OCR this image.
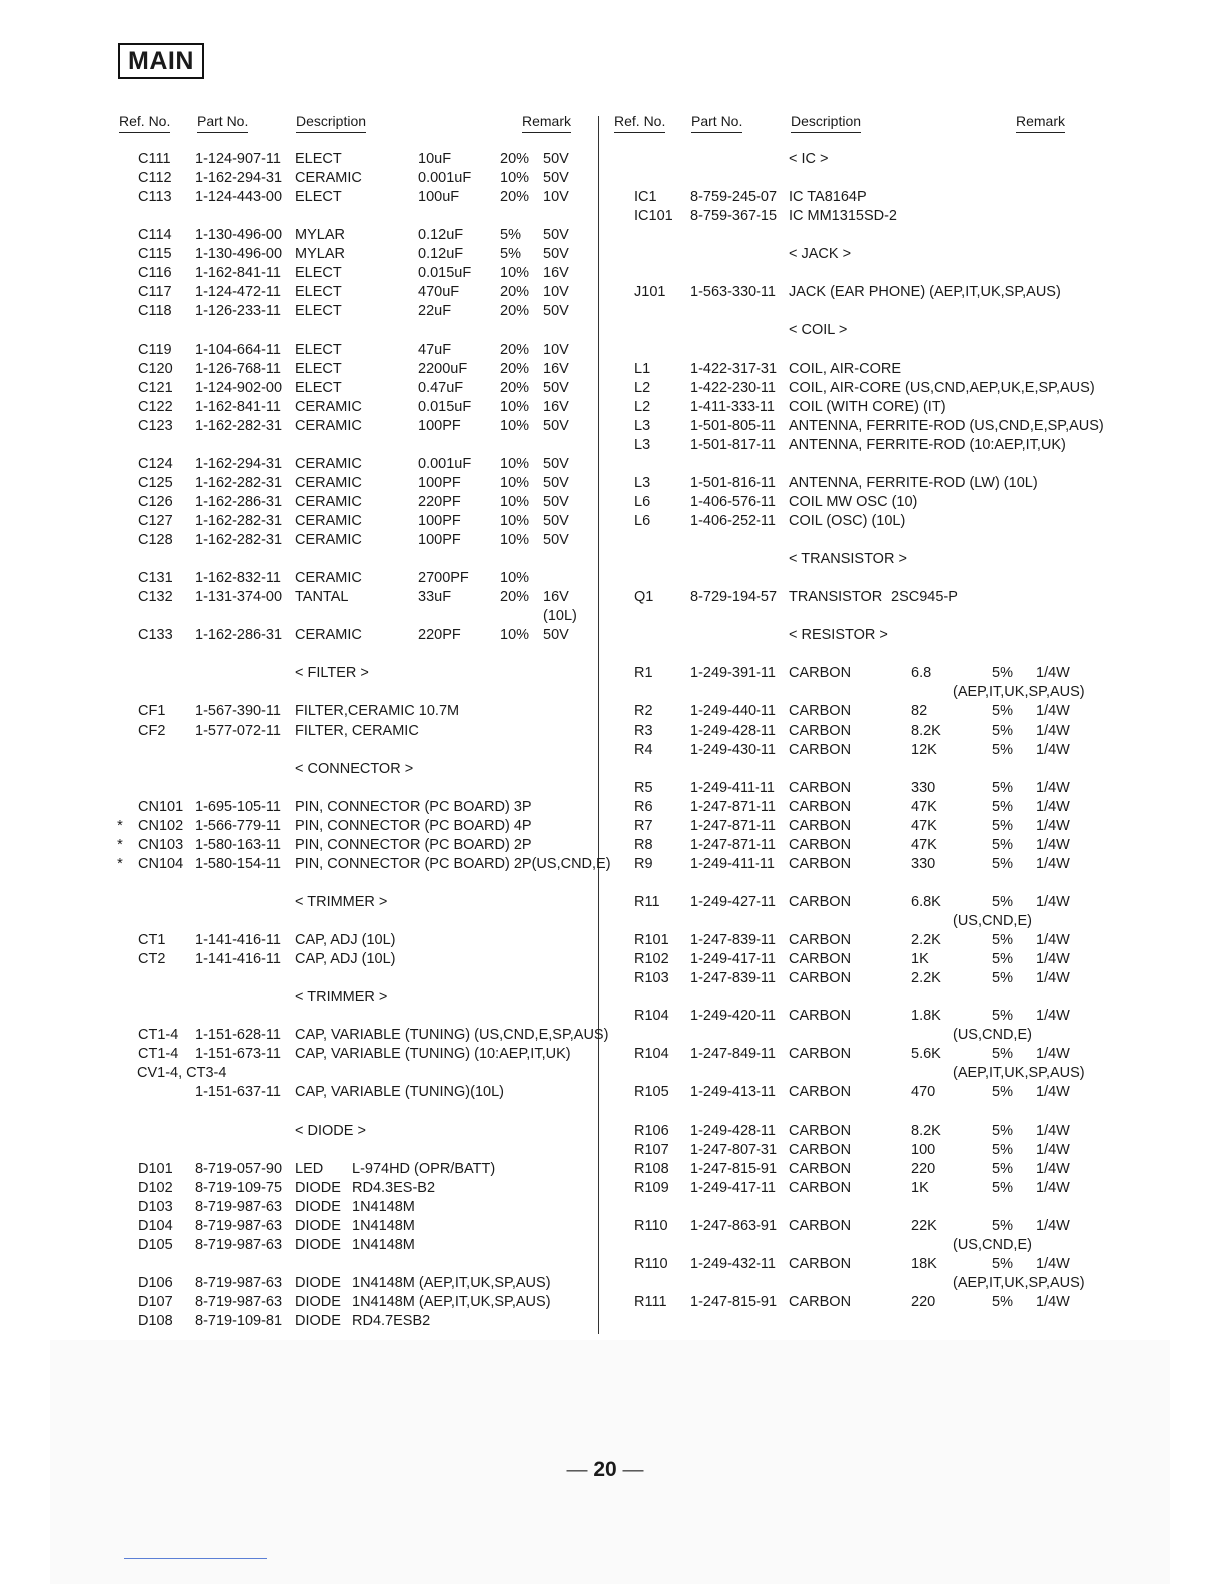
MAIN
Ref. No. Part No.	Description	Remark	Ref. No. Part No.	Description	Remark
C111 1-124-907-11 ELECT	10uF	20% 50V
C112 1-162-294-31 CERAMIC	0.001uF 10% 50V
C113 1-124-443-00 ELECT	100uF	20% 10V
C114 1-130-496-00 MYLAR	0.12uF	5% 50V
C115 1-130-496-00 MYLAR	0.12uF	5% 50V
C116 1-162-841-11 ELECT	0.015uF 10% 16V
C117 1-124-472-11 ELECT	470uF	20% 10V
C118 1-126-233-11 ELECT	22uF	20% 50V
C119 1-104-664-11 ELECT	47uF	20% 10V
C120 1-126-768-11 ELECT	2200uF 20% 16V
C121 1-124-902-00 ELECT	0.47uF	20% 50V
C122 1-162-841-11 CERAMIC	0.015uF 10% 16V
C123 1-162-282-31 CERAMIC	100PF	10% 50V
C124 1-162-294-31 CERAMIC	0.001uF 10% 50V
C125 1-162-282-31 CERAMIC	100PF	10% 50V
C126 1-162-286-31 CERAMIC	220PF	10% 50V
C127 1-162-282-31 CERAMIC	100PF	10% 50V
C128 1-162-282-31 CERAMIC	100PF	10% 50V
C131 1-162-832-11 CERAMIC	2700PF 10%
C132 1-131-374-00 TANTAL	33uF	20% 16V
(10L)
C133 1-162-286-31 CERAMIC	220PF	10% 50V
< FILTER >
CF1 1-567-390-11 FILTER,CERAMIC 10.7M
CF2 1-577-072-11 FILTER, CERAMIC
< CONNECTOR >
CN101 1-695-105-11 PIN, CONNECTOR (PC BOARD) 3P
*	CN102 1-566-779-11 PIN, CONNECTOR (PC BOARD) 4P
*	CN103 1-580-163-11 PIN, CONNECTOR (PC BOARD) 2P
*	CN104 1-580-154-11 PIN, CONNECTOR (PC BOARD) 2P(US,CND,E)
< TRIMMER >
CT1 1-141-416-11 CAP, ADJ (10L)
CT2 1-141-416-11 CAP, ADJ (10L)
< TRIMMER >
CT1-4 1-151-628-11 CAP, VARIABLE (TUNING) (US,CND,E,SP,AUS)
CT1-4 1-151-673-11 CAP, VARIABLE (TUNING) (10:AEP,IT,UK)
CV1-4, CT3-4
1-151-637-11 CAP, VARIABLE (TUNING)(10L)
< DIODE >
D101 8-719-057-90 LED L-974HD (OPR/BATT)
D102 8-719-109-75 DIODE RD4.3ES-B2
D103 8-719-987-63 DIODE 1N4148M
D104 8-719-987-63 DIODE 1N4148M
D105 8-719-987-63 DIODE 1N4148M
D106 8-719-987-63 DIODE 1N4148M (AEP,IT,UK,SP,AUS)
D107 8-719-987-63 DIODE 1N4148M (AEP,IT,UK,SP,AUS)
D108 8-719-109-81 DIODE RD4.7ESB2
< IC >
IC1 8-759-245-07 IC TA8164P
IC101 8-759-367-15 IC MM1315SD-2
< JACK >
J101 1-563-330-11 JACK (EAR PHONE) (AEP,IT,UK,SP,AUS)
< COIL >
L1	1-422-317-31 COIL, AIR-CORE
L2	1-422-230-11 COIL, AIR-CORE (US,CND,AEP,UK,E,SP,AUS)
L2	1-411-333-11 COIL (WITH CORE) (IT)
L3	1-501-805-11 ANTENNA, FERRITE-ROD (US,CND,E,SP,AUS)
L3	1-501-817-11 ANTENNA, FERRITE-ROD (10:AEP,IT,UK)
L3	1-501-816-11 ANTENNA, FERRITE-ROD (LW) (10L)
L6	1-406-576-11 COIL MW OSC (10)
L6	1-406-252-11 COIL (OSC) (10L)
< TRANSISTOR >
Q1	8-729-194-57 TRANSISTOR 2SC945-P
< RESISTOR >
R1	1-249-391-11 CARBON	6.8	5% 1/4W
(AEP,IT,UK,SP,AUS)
R2	1-249-440-11 CARBON	82	5% 1/4W
R3	1-249-428-11 CARBON	8.2K	5% 1/4W
R4	1-249-430-11 CARBON	12K	5% 1/4W
R5	1-249-411-11 CARBON	330	5% 1/4W
R6	1-247-871-11 CARBON	47K	5% 1/4W
R7	1-247-871-11 CARBON	47K	5% 1/4W
R8	1-247-871-11 CARBON	47K	5% 1/4W
R9	1-249-411-11 CARBON	330	5% 1/4W
R11 1-249-427-11 CARBON	6.8K	5% 1/4W
(US,CND,E)
R101 1-247-839-11 CARBON	2.2K	5% 1/4W
R102 1-249-417-11 CARBON	1K	5% 1/4W
R103 1-247-839-11 CARBON	2.2K	5% 1/4W
R104 1-249-420-11 CARBON	1.8K	5% 1/4W
(US,CND,E)
R104 1-247-849-11 CARBON	5.6K	5% 1/4W
(AEP,IT,UK,SP,AUS)
R105 1-249-413-11 CARBON	470	5% 1/4W
R106 1-249-428-11 CARBON	8.2K	5% 1/4W
R107 1-247-807-31 CARBON	100	5% 1/4W
R108 1-247-815-91 CARBON	220	5% 1/4W
R109 1-249-417-11 CARBON	1K	5% 1/4W
R110 1-247-863-91 CARBON	22K	5% 1/4W
(US,CND,E)
R110 1-249-432-11 CARBON	18K	5% 1/4W
(AEP,IT,UK,SP,AUS)
R111 1-247-815-91 CARBON	220	5% 1/4W
— 20 —
